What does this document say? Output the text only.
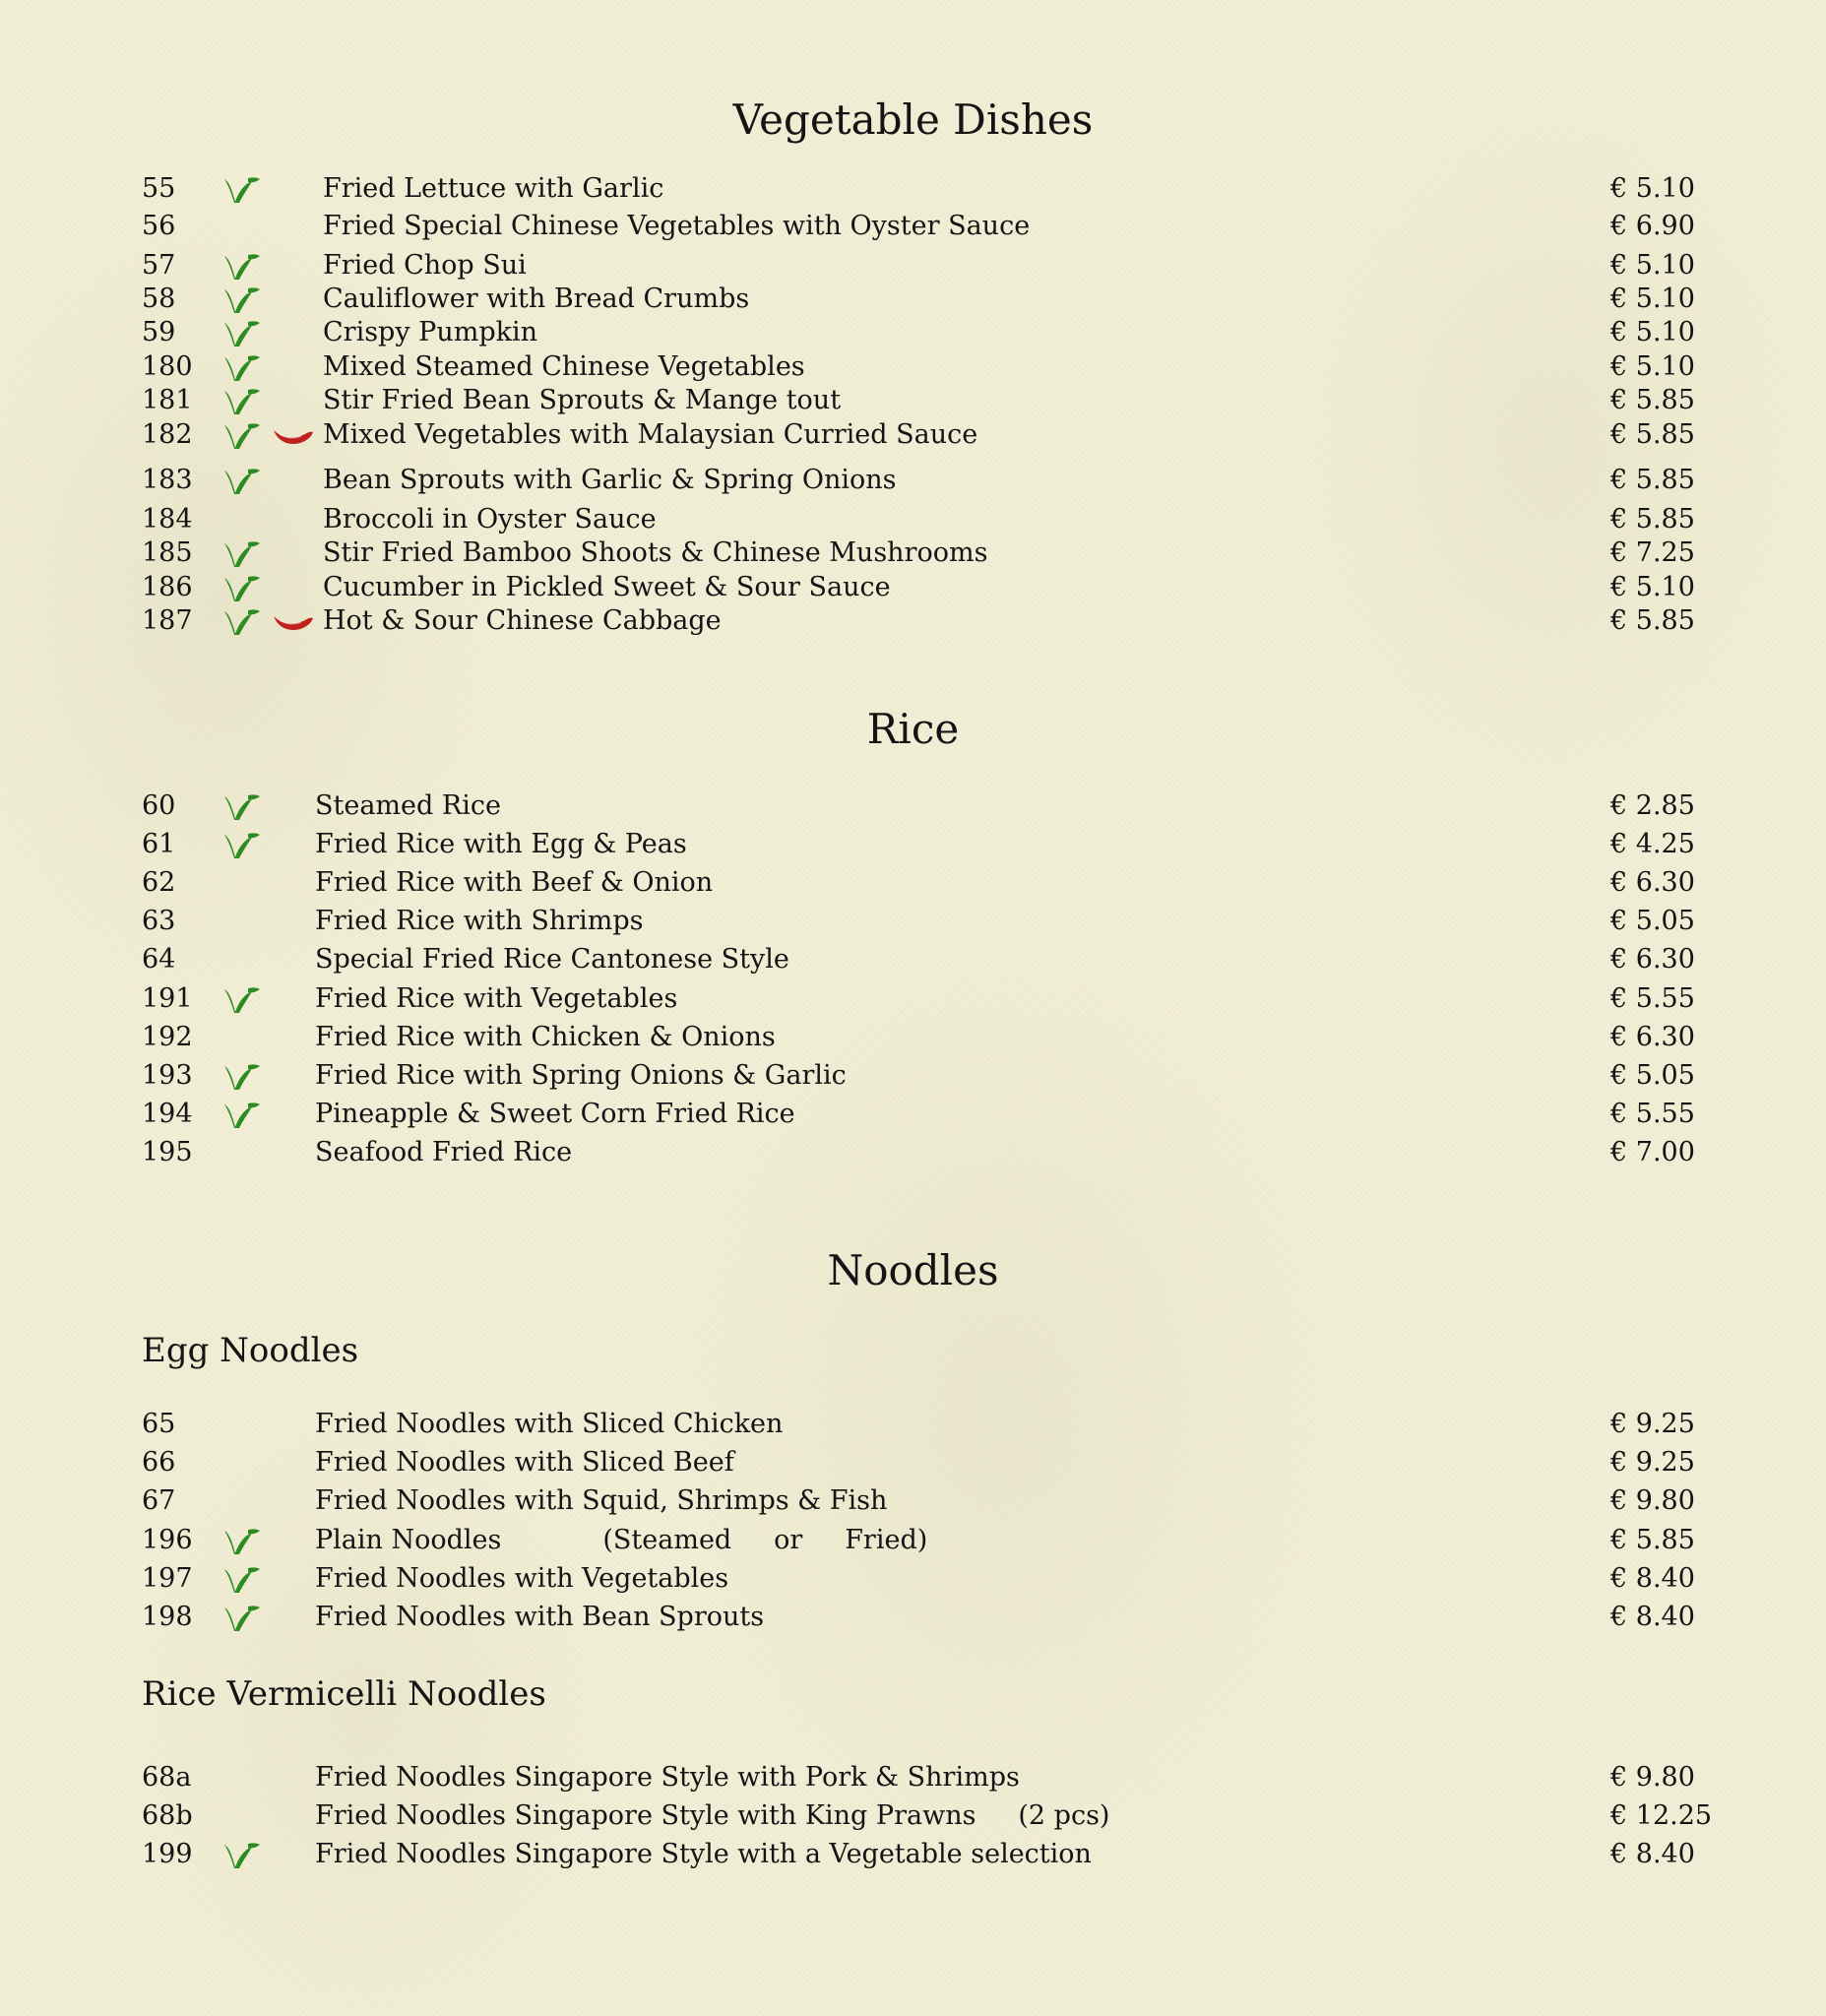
Vegetable Dishes
55	Fried Lettuce with Garlic	€ 5.10
56	Fried Special Chinese Vegetables with Oyster Sauce	€ 6.90
57	Fried Chop Sui	€ 5.10
58	Cauliflower with Bread Crumbs	€ 5.10
59	Crispy Pumpkin	€ 5.10
180	Mixed Steamed Chinese Vegetables	€ 5.10
181	Stir Fried Bean Sprouts & Mange tout	€ 5.85
182	Mixed Vegetables with Malaysian Curried Sauce	€ 5.85
183	Bean Sprouts with Garlic & Spring Onions	€ 5.85
184	Broccoli in Oyster Sauce	€ 5.85
185	Stir Fried Bamboo Shoots & Chinese Mushrooms	€ 7.25
186	Cucumber in Pickled Sweet & Sour Sauce	€ 5.10
187	Hot & Sour Chinese Cabbage	€ 5.85
Rice
60	Steamed Rice	€ 2.85
61	Fried Rice with Egg & Peas	€ 4.25
62	Fried Rice with Beef & Onion	€ 6.30
63	Fried Rice with Shrimps	€ 5.05
64	Special Fried Rice Cantonese Style	€ 6.30
191	Fried Rice with Vegetables	€ 5.55
192	Fried Rice with Chicken & Onions	€ 6.30
193	Fried Rice with Spring Onions & Garlic	€ 5.05
194	Pineapple & Sweet Corn Fried Rice	€ 5.55
195	Seafood Fried Rice	€ 7.00
Noodles
Egg Noodles
65	Fried Noodles with Sliced Chicken	€ 9.25
66	Fried Noodles with Sliced Beef	€ 9.25
67	Fried Noodles with Squid, Shrimps & Fish	€ 9.80
196	Plain Noodles            (Steamed     or     Fried)	€ 5.85
197	Fried Noodles with Vegetables	€ 8.40
198	Fried Noodles with Bean Sprouts	€ 8.40
Rice Vermicelli Noodles
68a	Fried Noodles Singapore Style with Pork & Shrimps	€ 9.80
68b	Fried Noodles Singapore Style with King Prawns     (2 pcs)	€ 12.25
199	Fried Noodles Singapore Style with a Vegetable selection	€ 8.40
